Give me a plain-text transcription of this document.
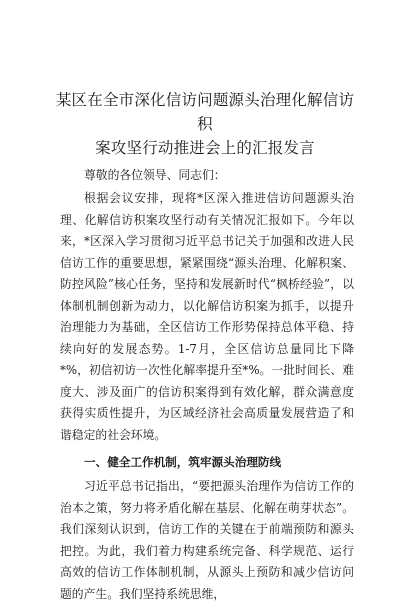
某区在全市深化信访问题源头治理化解信访积
案攻坚行动推进会上的汇报发言
尊敬的各位领导、同志们：

根据会议安排，现将*区深入推进信访问题源头治理、化解信访积案攻坚行动有关情况汇报如下。今年以来，*区深入学习贯彻习近平总书记关于加强和改进人民信访工作的重要思想，紧紧围绕“源头治理、化解积案、防控风险”核心任务，坚持和发展新时代“枫桥经验”，以体制机制创新为动力，以化解信访积案为抓手，以提升治理能力为基础，全区信访工作形势保持总体平稳、持续向好的发展态势。1-7月，全区信访总量同比下降*%，初信初访一次性化解率提升至*%。一批时间长、难度大、涉及面广的信访积案得到有效化解，群众满意度获得实质性提升，为区域经济社会高质量发展营造了和谐稳定的社会环境。

一、健全工作机制，筑牢源头治理防线

习近平总书记指出，“要把源头治理作为信访工作的治本之策，努力将矛盾化解在基层、化解在萌芽状态”。我们深刻认识到，信访工作的关键在于前端预防和源头把控。为此，我们着力构建系统完备、科学规范、运行高效的信访工作体制机制，从源头上预防和减少信访问题的产生。我们坚持系统思维，
